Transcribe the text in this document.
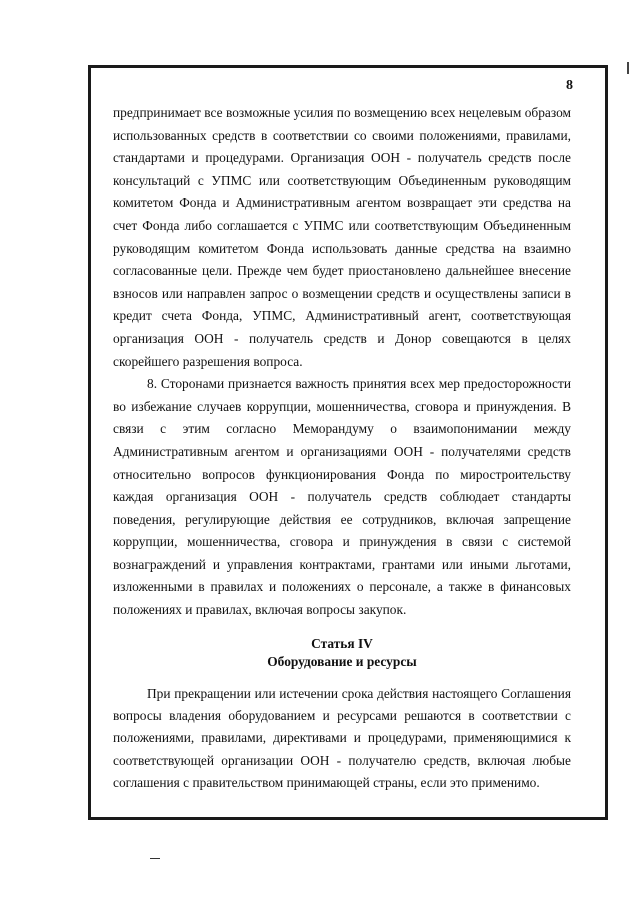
8

предпринимает все возможные усилия по возмещению всех нецелевым образом использованных средств в соответствии со своими положениями, правилами, стандартами и процедурами. Организация ООН - получатель средств после консультаций с УПМС или соответствующим Объединенным руководящим комитетом Фонда и Административным агентом возвращает эти средства на счет Фонда либо соглашается с УПМС или соответствующим Объединенным руководящим комитетом Фонда использовать данные средства на взаимно согласованные цели. Прежде чем будет приостановлено дальнейшее внесение взносов или направлен запрос о возмещении средств и осуществлены записи в кредит счета Фонда, УПМС, Административный агент, соответствующая организация ООН - получатель средств и Донор совещаются в целях скорейшего разрешения вопроса.

8. Сторонами признается важность принятия всех мер предосторожности во избежание случаев коррупции, мошенничества, сговора и принуждения. В связи с этим согласно Меморандуму о взаимопонимании между Административным агентом и организациями ООН - получателями средств относительно вопросов функционирования Фонда по миростроительству каждая организация ООН - получатель средств соблюдает стандарты поведения, регулирующие действия ее сотрудников, включая запрещение коррупции, мошенничества, сговора и принуждения в связи с системой вознаграждений и управления контрактами, грантами или иными льготами, изложенными в правилах и положениях о персонале, а также в финансовых положениях и правилах, включая вопросы закупок.

Статья IV
Оборудование и ресурсы

При прекращении или истечении срока действия настоящего Соглашения вопросы владения оборудованием и ресурсами решаются в соответствии с положениями, правилами, директивами и процедурами, применяющимися к соответствующей организации ООН - получателю средств, включая любые соглашения с правительством принимающей страны, если это применимо.
